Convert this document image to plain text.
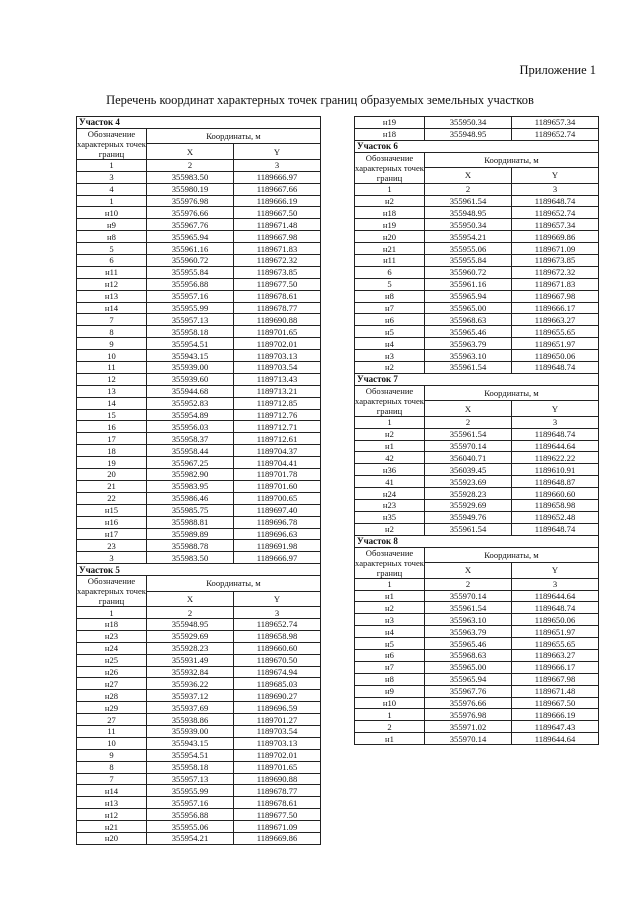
Приложение 1
Перечень координат характерных точек границ образуемых земельных участков
Участок 4		
Обозначение характерных точек границ	Координаты, м	
	X	Y
1	2	3
3	355983.50	1189666.97
4	355980.19	1189667.66
1	355976.98	1189666.19
н10	355976.66	1189667.50
н9	355967.76	1189671.48
н8	355965.94	1189667.98
5	355961.16	1189671.83
6	355960.72	1189672.32
н11	355955.84	1189673.85
н12	355956.88	1189677.50
н13	355957.16	1189678.61
н14	355955.99	1189678.77
7	355957.13	1189690.88
8	355958.18	1189701.65
9	355954.51	1189702.01
10	355943.15	1189703.13
11	355939.00	1189703.54
12	355939.60	1189713.43
13	355944.68	1189713.21
14	355952.83	1189712.85
15	355954.89	1189712.76
16	355956.03	1189712.71
17	355958.37	1189712.61
18	355958.44	1189704.37
19	355967.25	1189704.41
20	355982.90	1189701.78
21	355983.95	1189701.60
22	355986.46	1189700.65
н15	355985.75	1189697.40
н16	355988.81	1189696.78
н17	355989.89	1189696.63
23	355988.78	1189691.98
3	355983.50	1189666.97
Участок 5		
Обозначение характерных точек границ	Координаты, м	
	X	Y
1	2	3
н18	355948.95	1189652.74
н23	355929.69	1189658.98
н24	355928.23	1189660.60
н25	355931.49	1189670.50
н26	355932.84	1189674.94
н27	355936.22	1189685.03
н28	355937.12	1189690.27
н29	355937.69	1189696.59
27	355938.86	1189701.27
11	355939.00	1189703.54
10	355943.15	1189703.13
9	355954.51	1189702.01
8	355958.18	1189701.65
7	355957.13	1189690.88
н14	355955.99	1189678.77
н13	355957.16	1189678.61
н12	355956.88	1189677.50
н21	355955.06	1189671.09
н20	355954.21	1189669.86
н19	355950.34	1189657.34
н18	355948.95	1189652.74
Участок 6		
Обозначение характерных точек границ	Координаты, м	
	X	Y
1	2	3
н2	355961.54	1189648.74
н18	355948.95	1189652.74
н19	355950.34	1189657.34
н20	355954.21	1189669.86
н21	355955.06	1189671.09
н11	355955.84	1189673.85
6	355960.72	1189672.32
5	355961.16	1189671.83
н8	355965.94	1189667.98
н7	355965.00	1189666.17
н6	355968.63	1189663.27
н5	355965.46	1189655.65
н4	355963.79	1189651.97
н3	355963.10	1189650.06
н2	355961.54	1189648.74
Участок 7		
Обозначение характерных точек границ	Координаты, м	
	X	Y
1	2	3
н2	355961.54	1189648.74
н1	355970.14	1189644.64
42	356040.71	1189622.22
н36	356039.45	1189610.91
41	355923.69	1189648.87
н24	355928.23	1189660.60
н23	355929.69	1189658.98
н35	355949.76	1189652.48
н2	355961.54	1189648.74
Участок 8		
Обозначение характерных точек границ	Координаты, м	
	X	Y
1	2	3
н1	355970.14	1189644.64
н2	355961.54	1189648.74
н3	355963.10	1189650.06
н4	355963.79	1189651.97
н5	355965.46	1189655.65
н6	355968.63	1189663.27
н7	355965.00	1189666.17
н8	355965.94	1189667.98
н9	355967.76	1189671.48
н10	355976.66	1189667.50
1	355976.98	1189666.19
2	355971.02	1189647.43
н1	355970.14	1189644.64
